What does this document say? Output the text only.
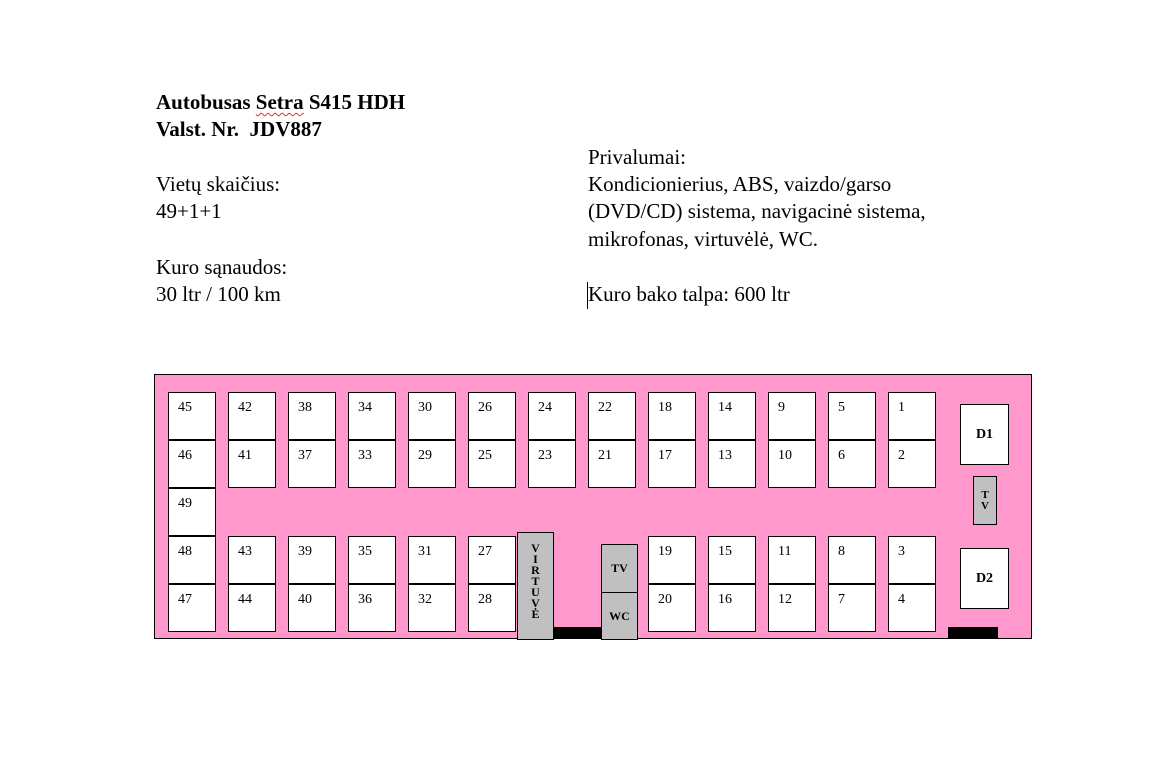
Autobusas Setra S415 HDH
Valst. Nr.  JDV887
Vietų skaičius:
49+1+1
Kuro sąnaudos:
30 ltr / 100 km
Privalumai:
Kondicionierius, ABS, vaizdo/garso
(DVD/CD) sistema, navigacinė sistema,
mikrofonas, virtuvėlė, WC.
Kuro bako talpa: 600 ltr
45	42	38	34	30	26	24	22	18	14	9	5	1
46	41	37	33	29	25	23	21	17	13	10	6	2
49
48	43	39	35	31	27
47	44	40	36	32	28
V
I
R
T
U
V
Ė
TV
WC
19	15	11	8	3
20	16	12	7	4
D1
T
V
D2
